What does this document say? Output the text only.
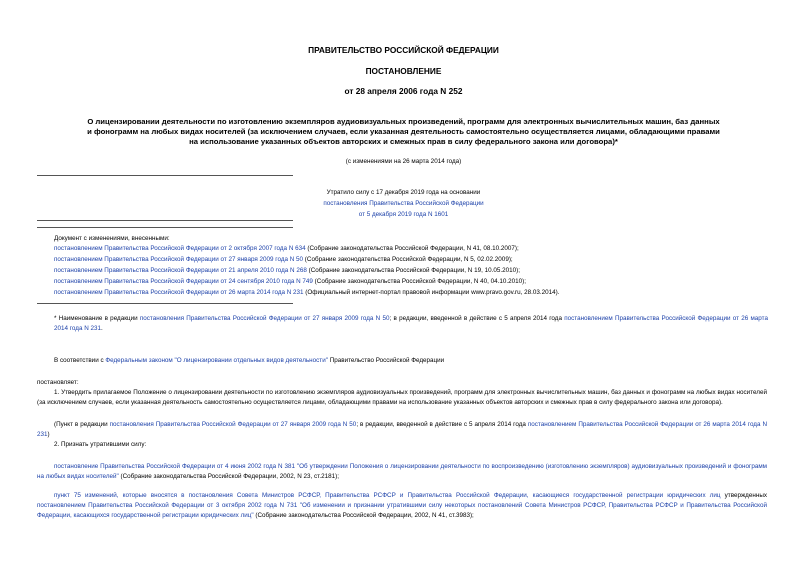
ПРАВИТЕЛЬСТВО РОССИЙСКОЙ ФЕДЕРАЦИИ
ПОСТАНОВЛЕНИЕ
от 28 апреля 2006 года N 252
О лицензировании деятельности по изготовлению экземпляров аудиовизуальных произведений, программ для электронных вычислительных машин, баз данных
и фонограмм на любых видах носителей (за исключением случаев, если указанная деятельность самостоятельно осуществляется лицами, обладающими правами
на использование указанных объектов авторских и смежных прав в силу федерального закона или договора)*
(с изменениями на 26 марта 2014 года)
Утратило силу с 17 декабря 2019 года на основании
постановления Правительства Российской Федерации
от 5 декабря 2019 года N 1601
Документ с изменениями, внесенными:
постановлением Правительства Российской Федерации от 2 октября 2007 года N 634 (Собрание законодательства Российской Федерации, N 41, 08.10.2007);
постановлением Правительства Российской Федерации от 27 января 2009 года N 50 (Собрание законодательства Российской Федерации, N 5, 02.02.2009);
постановлением Правительства Российской Федерации от 21 апреля 2010 года N 268 (Собрание законодательства Российской Федерации, N 19, 10.05.2010);
постановлением Правительства Российской Федерации от 24 сентября 2010 года N 749 (Собрание законодательства Российской Федерации, N 40, 04.10.2010);
постановлением Правительства Российской Федерации от 26 марта 2014 года N 231 (Официальный интернет-портал правовой информации www.pravo.gov.ru, 28.03.2014).
* Наименование в редакции постановления Правительства Российской Федерации от 27 января 2009 года N 50; в редакции, введенной в действие с 5 апреля 2014 года постановлением Правительства Российской Федерации от 26 марта 2014 года N 231.
В соответствии с Федеральным законом "О лицензировании отдельных видов деятельности" Правительство Российской Федерации
постановляет:
1. Утвердить прилагаемое Положение о лицензировании деятельности по изготовлению экземпляров аудиовизуальных произведений, программ для электронных вычислительных машин, баз данных и фонограмм на любых видах носителей (за исключением случаев, если указанная деятельность самостоятельно осуществляется лицами, обладающими правами на использование указанных объектов авторских и смежных прав в силу федерального закона или договора).
(Пункт в редакции постановления Правительства Российской Федерации от 27 января 2009 года N 50; в редакции, введенной в действие с 5 апреля 2014 года постановлением Правительства Российской Федерации от 26 марта 2014 года N 231)
2. Признать утратившими силу:
постановление Правительства Российской Федерации от 4 июня 2002 года N 381 "Об утверждении Положения о лицензировании деятельности по воспроизведению (изготовлению экземпляров) аудиовизуальных произведений и фонограмм на любых видах носителей" (Собрание законодательства Российской Федерации, 2002, N 23, ст.2181);
пункт 75 изменений, которые вносятся в постановления Совета Министров РСФСР, Правительства РСФСР и Правительства Российской Федерации, касающиеся государственной регистрации юридических лиц утвержденных постановлением Правительства Российской Федерации от 3 октября 2002 года N 731 "Об изменении и признании утратившими силу некоторых постановлений Совета Министров РСФСР, Правительства РСФСР и Правительства Российской Федерации, касающихся государственной регистрации юридических лиц" (Собрание законодательства Российской Федерации, 2002, N 41, ст.3983);
